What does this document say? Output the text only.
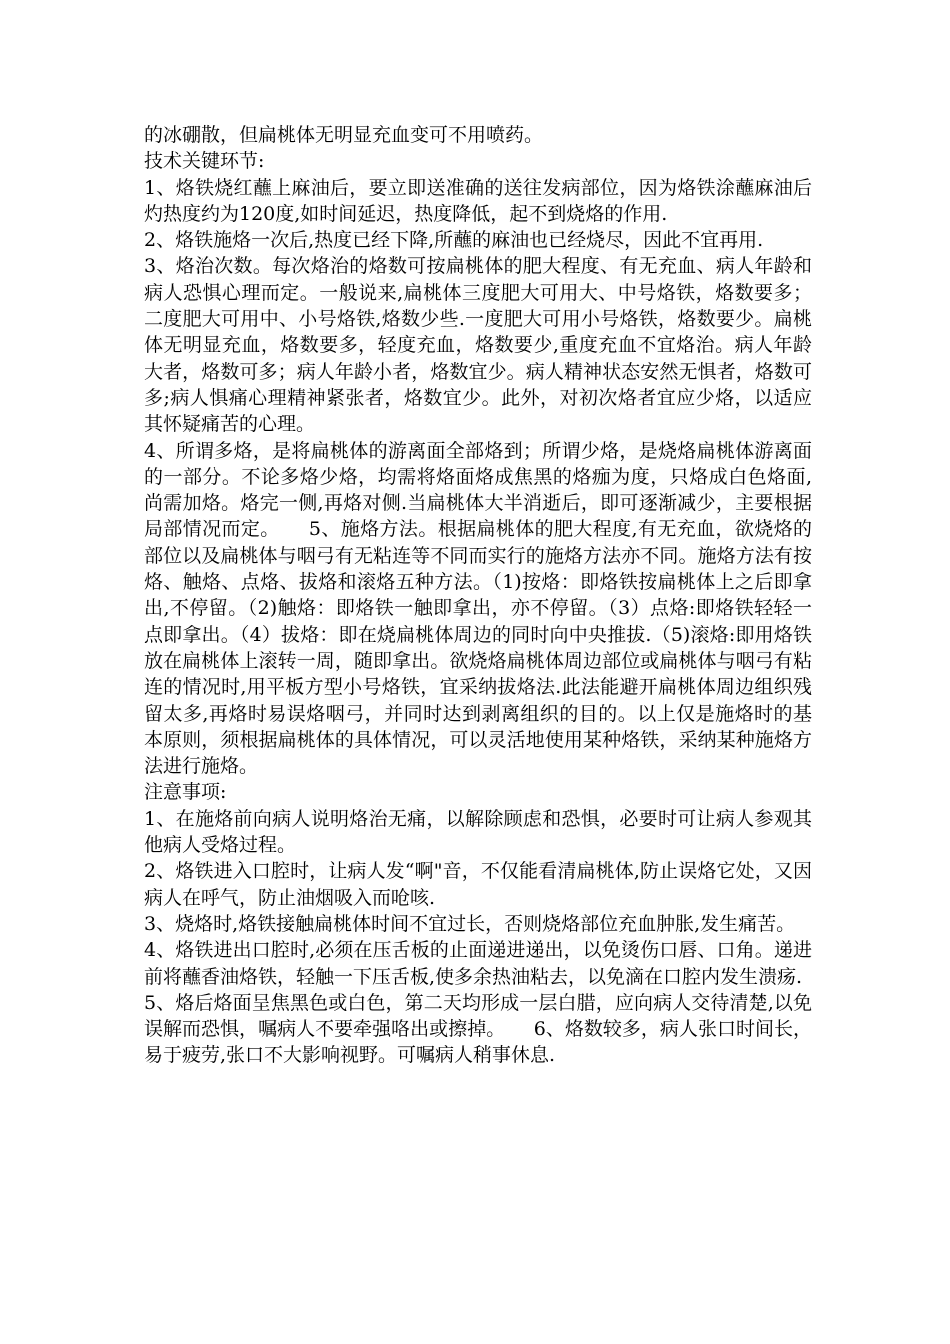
的冰硼散，但扁桃体无明显充血变可不用喷药。

技术关键环节:

1、烙铁烧红蘸上麻油后，要立即送准确的送往发病部位，因为烙铁涂蘸麻油后灼热度约为120度,如时间延迟，热度降低，起不到烧烙的作用.

2、烙铁施烙一次后,热度已经下降,所蘸的麻油也已经烧尽，因此不宜再用.

3、烙治次数。每次烙治的烙数可按扁桃体的肥大程度、有无充血、病人年龄和病人恐惧心理而定。一般说来,扁桃体三度肥大可用大、中号烙铁，烙数要多；二度肥大可用中、小号烙铁,烙数少些.一度肥大可用小号烙铁，烙数要少。扁桃体无明显充血，烙数要多，轻度充血，烙数要少,重度充血不宜烙治。病人年龄大者，烙数可多；病人年龄小者，烙数宜少。病人精神状态安然无惧者，烙数可多;病人惧痛心理精神紧张者，烙数宜少。此外，对初次烙者宜应少烙，以适应其怀疑痛苦的心理。

4、所谓多烙，是将扁桃体的游离面全部烙到；所谓少烙，是烧烙扁桃体游离面的一部分。不论多烙少烙，均需将烙面烙成焦黑的烙痂为度，只烙成白色烙面,尚需加烙。烙完一侧,再烙对侧.当扁桃体大半消逝后，即可逐渐减少，主要根据局部情况而定。　　5、施烙方法。根据扁桃体的肥大程度,有无充血，欲烧烙的部位以及扁桃体与咽弓有无粘连等不同而实行的施烙方法亦不同。施烙方法有按烙、触烙、点烙、拔烙和滚烙五种方法。（1)按烙：即烙铁按扁桃体上之后即拿出,不停留。（2)触烙：即烙铁一触即拿出，亦不停留。（3）点烙:即烙铁轻轻一点即拿出。（4）拔烙：即在烧扁桃体周边的同时向中央推拔.（5)滚烙:即用烙铁放在扁桃体上滚转一周，随即拿出。欲烧烙扁桃体周边部位或扁桃体与咽弓有粘连的情况时,用平板方型小号烙铁，宜采纳拔烙法.此法能避开扁桃体周边组织残留太多,再烙时易误烙咽弓，并同时达到剥离组织的目的。以上仅是施烙时的基本原则，须根据扁桃体的具体情况，可以灵活地使用某种烙铁，采纳某种施烙方法进行施烙。

注意事项:

1、在施烙前向病人说明烙治无痛，以解除顾虑和恐惧，必要时可让病人参观其他病人受烙过程。

2、烙铁进入口腔时，让病人发“啊"音，不仅能看清扁桃体,防止误烙它处，又因病人在呼气，防止油烟吸入而呛咳.

3、烧烙时,烙铁接触扁桃体时间不宜过长，否则烧烙部位充血肿胀,发生痛苦。

4、烙铁进出口腔时,必须在压舌板的止面递进递出，以免烫伤口唇、口角。递进前将蘸香油烙铁，轻触一下压舌板,使多余热油粘去，以免滴在口腔内发生溃疡.

5、烙后烙面呈焦黑色或白色，第二天均形成一层白腊，应向病人交待清楚,以免误解而恐惧，嘱病人不要牵强咯出或擦掉。　　6、烙数较多，病人张口时间长，易于疲劳,张口不大影响视野。可嘱病人稍事休息.
